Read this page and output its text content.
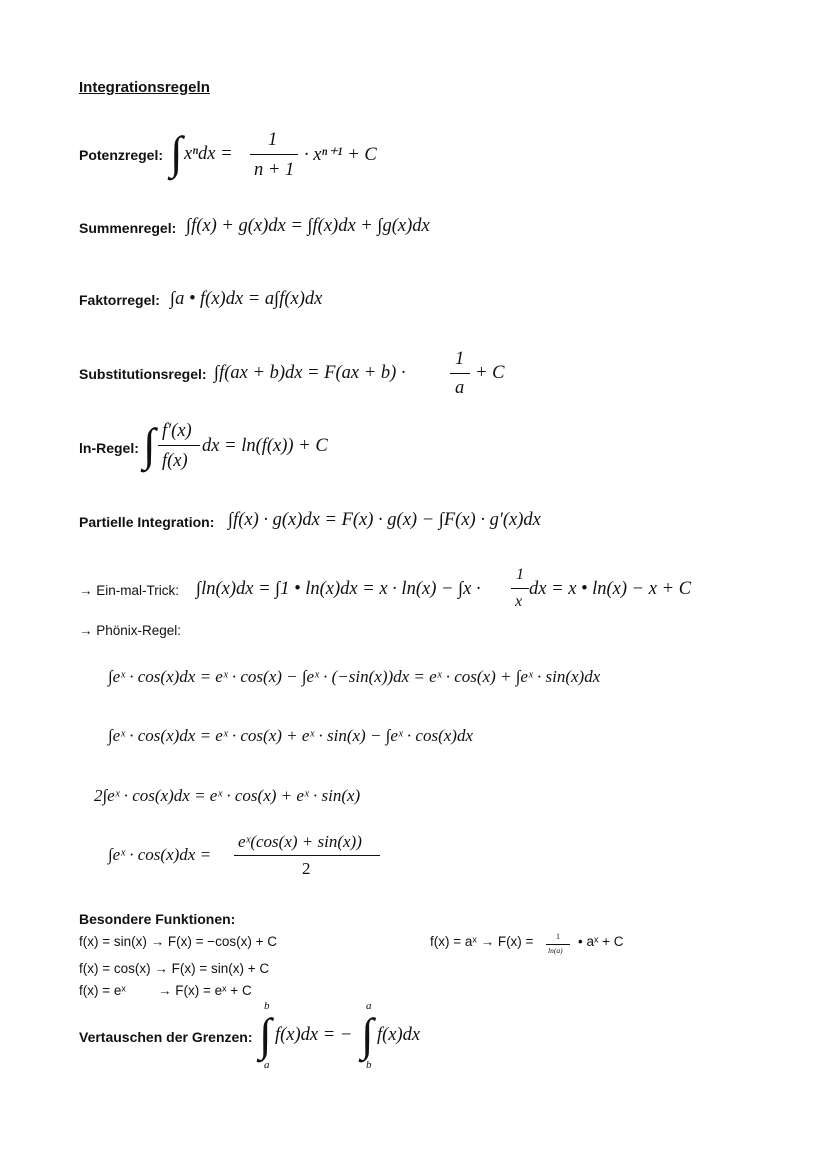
Integrationsregeln
Potenzregel: ∫ xⁿdx =
1
n + 1
· xⁿ⁺¹ + C
Summenregel: ∫f(x) + g(x)dx = ∫f(x)dx + ∫g(x)dx
Faktorregel: ∫a • f(x)dx = a∫f(x)dx
Substitutionsregel: ∫f(ax + b)dx = F(ax + b) ·
1
a
+ C
ln-Regel: ∫ f′(x)
f(x)
dx = ln(f(x)) + C
Partielle Integration: ∫f(x) · g(x)dx = F(x) · g(x) − ∫F(x) · g′(x)dx
→ Ein-mal-Trick: ∫ln(x)dx = ∫1 • ln(x)dx = x · ln(x) − ∫x ·
1
x
dx = x • ln(x) − x + C
→ Phönix-Regel:
∫eˣ · cos(x)dx = eˣ · cos(x) − ∫eˣ · (−sin(x))dx = eˣ · cos(x) + ∫eˣ · sin(x)dx
∫eˣ · cos(x)dx = eˣ · cos(x) + eˣ · sin(x) − ∫eˣ · cos(x)dx
2∫eˣ · cos(x)dx = eˣ · cos(x) + eˣ · sin(x)
∫eˣ · cos(x)dx =
eˣ(cos(x) + sin(x))
2
Besondere Funktionen:
f(x) = sin(x) → F(x) = −cos(x) + C
f(x) = cos(x) → F(x) = sin(x) + C
f(x) = eˣ → F(x) = eˣ + C
f(x) = aˣ → F(x) =	1
ln(a)
• aˣ + C
Vertauschen der Grenzen:
b
∫
a
f(x)dx = −
a
∫
b
f(x)dx
